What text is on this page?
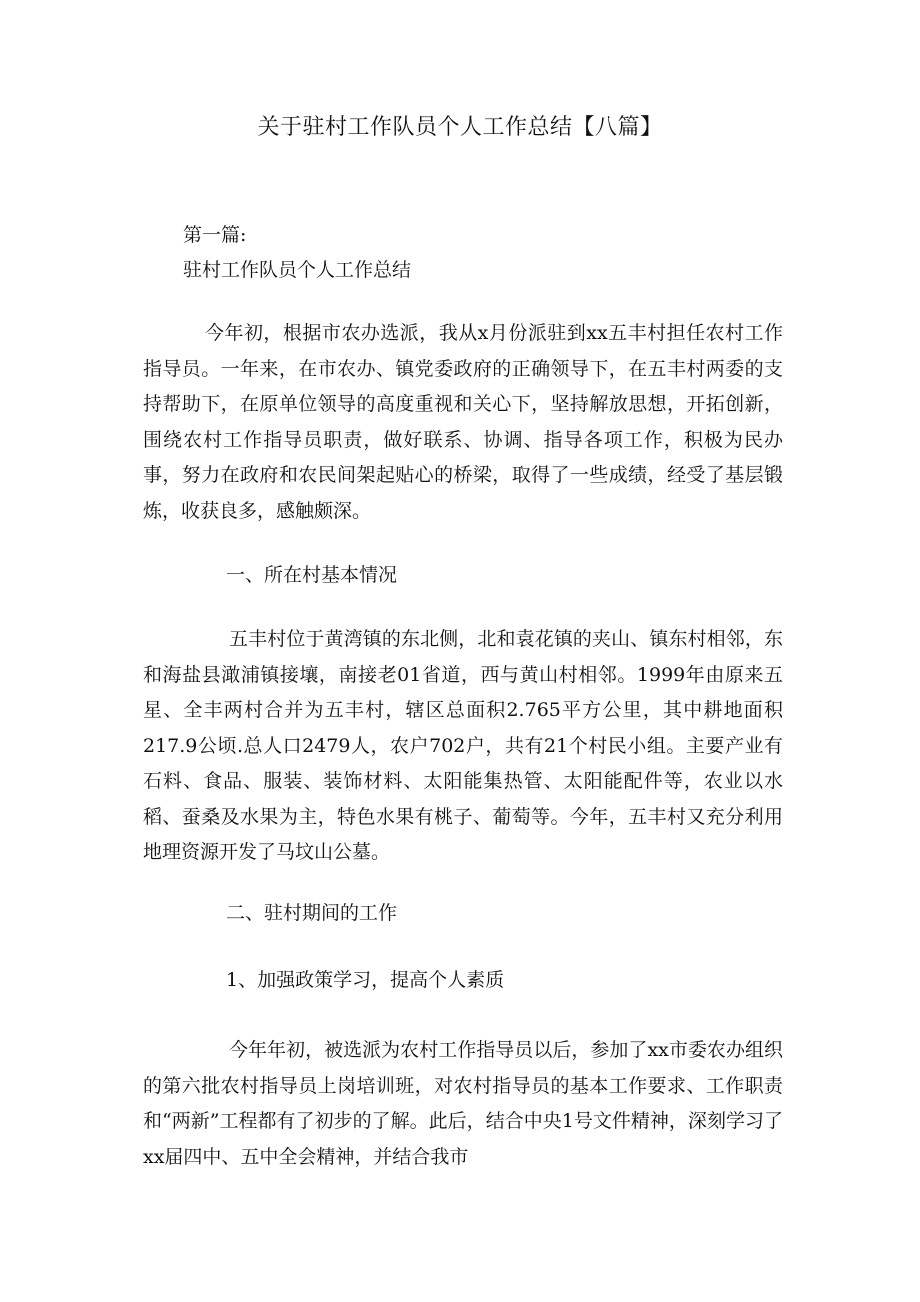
关于驻村工作队员个人工作总结【八篇】
第一篇:
驻村工作队员个人工作总结
今年初，根据市农办选派，我从x月份派驻到xx五丰村担任农村工作指导员。一年来，在市农办、镇党委政府的正确领导下，在五丰村两委的支持帮助下，在原单位领导的高度重视和关心下，坚持解放思想，开拓创新，围绕农村工作指导员职责，做好联系、协调、指导各项工作，积极为民办事，努力在政府和农民间架起贴心的桥梁，取得了一些成绩，经受了基层锻炼，收获良多，感触颇深。
一、所在村基本情况
五丰村位于黄湾镇的东北侧，北和袁花镇的夹山、镇东村相邻，东和海盐县澉浦镇接壤，南接老01省道，西与黄山村相邻。1999年由原来五星、全丰两村合并为五丰村，辖区总面积2.765平方公里，其中耕地面积217.9公顷.总人口2479人，农户702户，共有21个村民小组。主要产业有石料、食品、服装、装饰材料、太阳能集热管、太阳能配件等，农业以水稻、蚕桑及水果为主，特色水果有桃子、葡萄等。今年，五丰村又充分利用地理资源开发了马坟山公墓。
二、驻村期间的工作
1、加强政策学习，提高个人素质
今年年初，被选派为农村工作指导员以后，参加了xx市委农办组织的第六批农村指导员上岗培训班，对农村指导员的基本工作要求、工作职责和“两新”工程都有了初步的了解。此后，结合中央1号文件精神，深刻学习了xx届四中、五中全会精神，并结合我市
